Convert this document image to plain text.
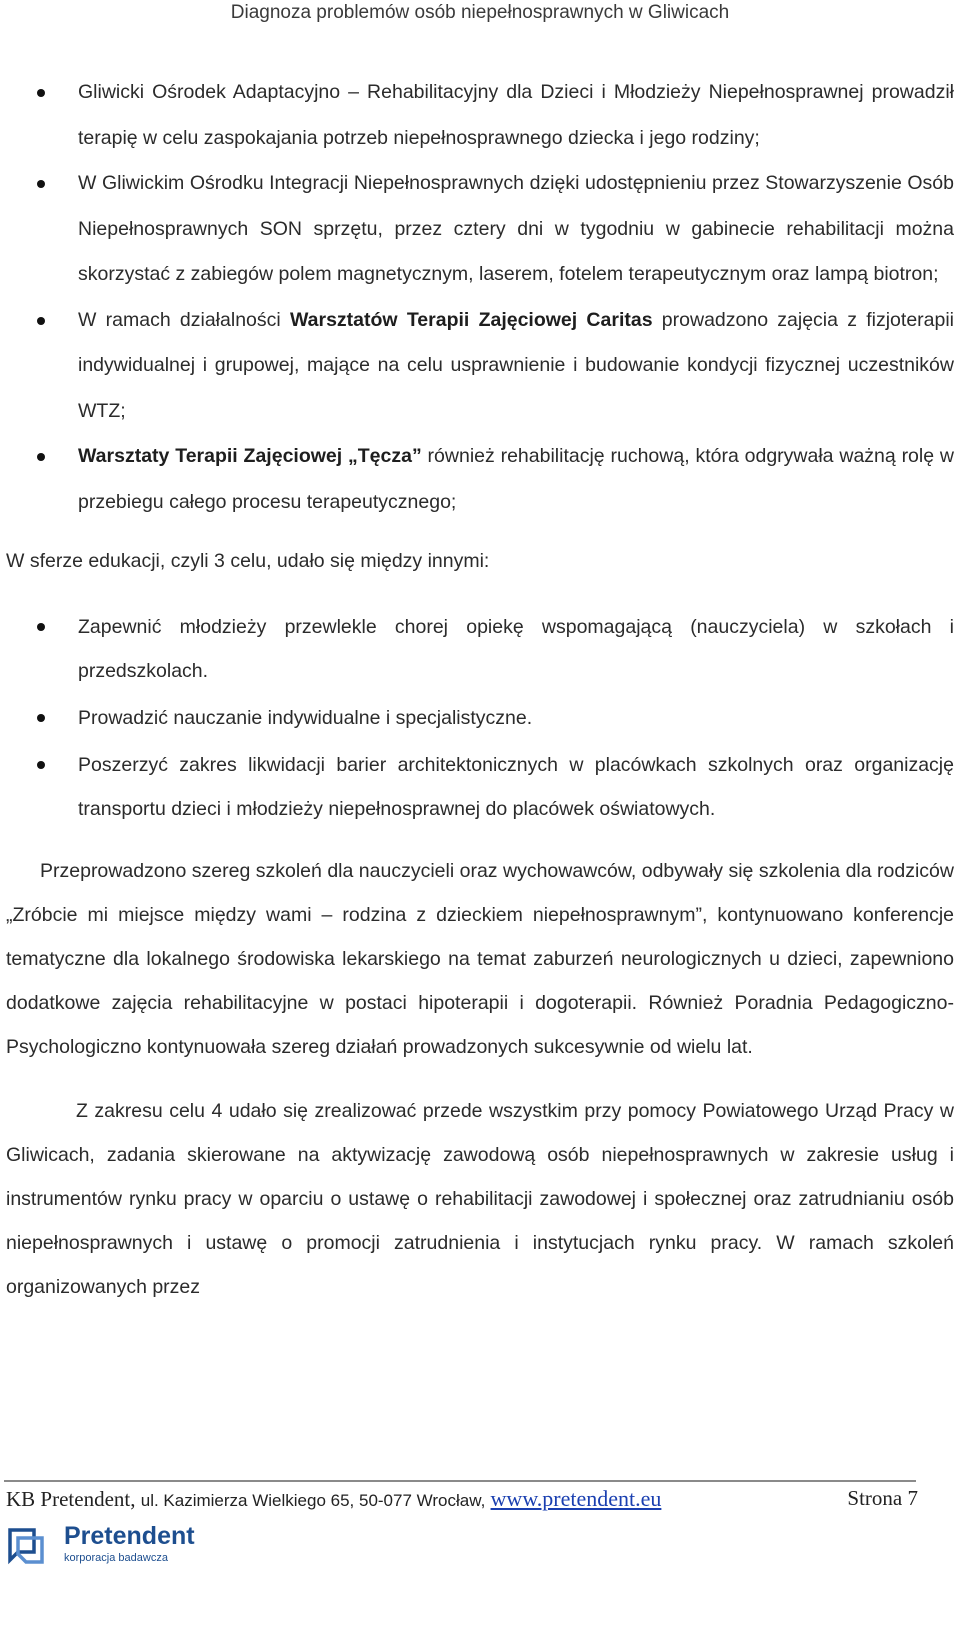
Diagnoza problemów osób niepełnosprawnych w Gliwicach
Gliwicki Ośrodek Adaptacyjno – Rehabilitacyjny dla Dzieci i Młodzieży Niepełnosprawnej prowadził terapię w celu zaspokajania potrzeb niepełnosprawnego dziecka i jego rodziny;
W Gliwickim Ośrodku Integracji Niepełnosprawnych dzięki udostępnieniu przez Stowarzyszenie Osób Niepełnosprawnych SON sprzętu, przez cztery dni w tygodniu w gabinecie rehabilitacji można skorzystać z zabiegów polem magnetycznym, laserem, fotelem terapeutycznym oraz lampą biotron;
W ramach działalności Warsztatów Terapii Zajęciowej Caritas prowadzono zajęcia z fizjoterapii indywidualnej i grupowej, mające na celu usprawnienie i budowanie kondycji fizycznej uczestników WTZ;
Warsztaty Terapii Zajęciowej „Tęcza” również rehabilitację ruchową, która odgrywała ważną rolę w przebiegu całego procesu terapeutycznego;

W sferze edukacji, czyli 3 celu, udało się między innymi:

Zapewnić młodzieży przewlekle chorej opiekę wspomagającą (nauczyciela) w szkołach i przedszkolach.
Prowadzić nauczanie indywidualne i specjalistyczne.
Poszerzyć zakres likwidacji barier architektonicznych w placówkach szkolnych oraz organizację transportu dzieci i młodzieży niepełnosprawnej do placówek oświatowych.

Przeprowadzono szereg szkoleń dla nauczycieli oraz wychowawców, odbywały się szkolenia dla rodziców „Zróbcie mi miejsce między wami – rodzina z dzieckiem niepełnosprawnym”, kontynuowano konferencje tematyczne dla lokalnego środowiska lekarskiego na temat zaburzeń neurologicznych u dzieci, zapewniono dodatkowe zajęcia rehabilitacyjne w postaci hipoterapii i dogoterapii. Również Poradnia Pedagogiczno-Psychologiczno kontynuowała szereg działań prowadzonych sukcesywnie od wielu lat.

Z zakresu celu 4 udało się zrealizować przede wszystkim przy pomocy Powiatowego Urząd Pracy w Gliwicach, zadania skierowane na aktywizację zawodową osób niepełnosprawnych w zakresie usług i instrumentów rynku pracy w oparciu o ustawę o rehabilitacji zawodowej i społecznej oraz zatrudnianiu osób niepełnosprawnych i ustawę o promocji zatrudnienia i instytucjach rynku pracy. W ramach szkoleń organizowanych przez

KB Pretendent, ul. Kazimierza Wielkiego 65, 50-077 Wrocław, www.pretendent.eu	Strona 7
Pretendent
korporacja badawcza
